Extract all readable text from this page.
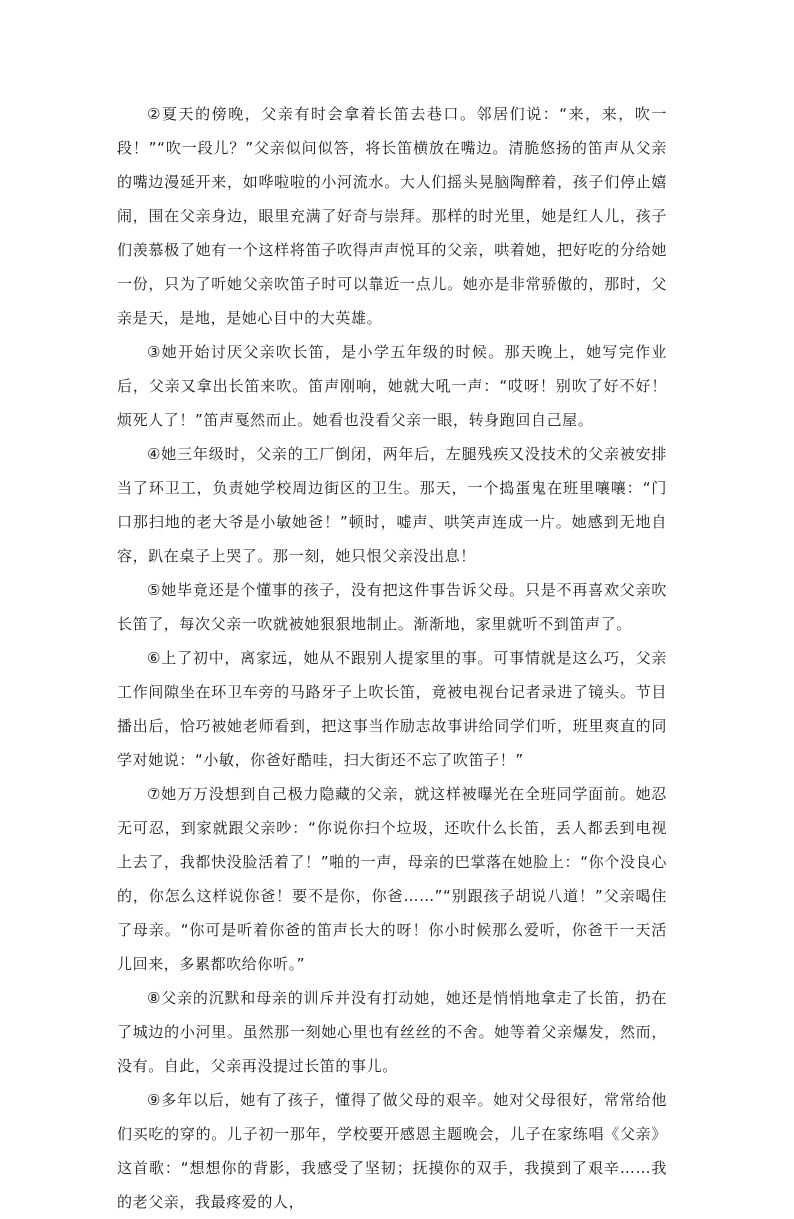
②夏天的傍晚，父亲有时会拿着长笛去巷口。邻居们说：“来，来，吹一段！”“吹一段儿？”父亲似问似答，将长笛横放在嘴边。清脆悠扬的笛声从父亲的嘴边漫延开来，如哗啦啦的小河流水。大人们摇头晃脑陶醉着，孩子们停止嬉闹，围在父亲身边，眼里充满了好奇与崇拜。那样的时光里，她是红人儿，孩子们羡慕极了她有一个这样将笛子吹得声声悦耳的父亲，哄着她，把好吃的分给她一份，只为了听她父亲吹笛子时可以靠近一点儿。她亦是非常骄傲的，那时，父亲是天，是地，是她心目中的大英雄。

③她开始讨厌父亲吹长笛，是小学五年级的时候。那天晚上，她写完作业后，父亲又拿出长笛来吹。笛声刚响，她就大吼一声：“哎呀！别吹了好不好！烦死人了！”笛声戛然而止。她看也没看父亲一眼，转身跑回自己屋。

④她三年级时，父亲的工厂倒闭，两年后，左腿残疾又没技术的父亲被安排当了环卫工，负责她学校周边街区的卫生。那天，一个捣蛋鬼在班里嚷嚷：“门口那扫地的老大爷是小敏她爸！”顿时，嘘声、哄笑声连成一片。她感到无地自容，趴在桌子上哭了。那一刻，她只恨父亲没出息！

⑤她毕竟还是个懂事的孩子，没有把这件事告诉父母。只是不再喜欢父亲吹长笛了，每次父亲一吹就被她狠狠地制止。渐渐地，家里就听不到笛声了。

⑥上了初中，离家远，她从不跟别人提家里的事。可事情就是这么巧，父亲工作间隙坐在环卫车旁的马路牙子上吹长笛，竟被电视台记者录进了镜头。节目播出后，恰巧被她老师看到，把这事当作励志故事讲给同学们听，班里爽直的同学对她说：“小敏，你爸好酷哇，扫大街还不忘了吹笛子！”

⑦她万万没想到自己极力隐藏的父亲，就这样被曝光在全班同学面前。她忍无可忍，到家就跟父亲吵：“你说你扫个垃圾，还吹什么长笛，丢人都丢到电视上去了，我都快没脸活着了！”啪的一声，母亲的巴掌落在她脸上：“你个没良心的，你怎么这样说你爸！要不是你，你爸……”“别跟孩子胡说八道！”父亲喝住了母亲。“你可是听着你爸的笛声长大的呀！你小时候那么爱听，你爸干一天活儿回来，多累都吹给你听。”

⑧父亲的沉默和母亲的训斥并没有打动她，她还是悄悄地拿走了长笛，扔在了城边的小河里。虽然那一刻她心里也有丝丝的不舍。她等着父亲爆发，然而，没有。自此，父亲再没提过长笛的事儿。

⑨多年以后，她有了孩子，懂得了做父母的艰辛。她对父母很好，常常给他们买吃的穿的。儿子初一那年，学校要开感恩主题晚会，儿子在家练唱《父亲》这首歌：“想想你的背影，我感受了坚韧；抚摸你的双手，我摸到了艰辛……我的老父亲，我最疼爱的人，
